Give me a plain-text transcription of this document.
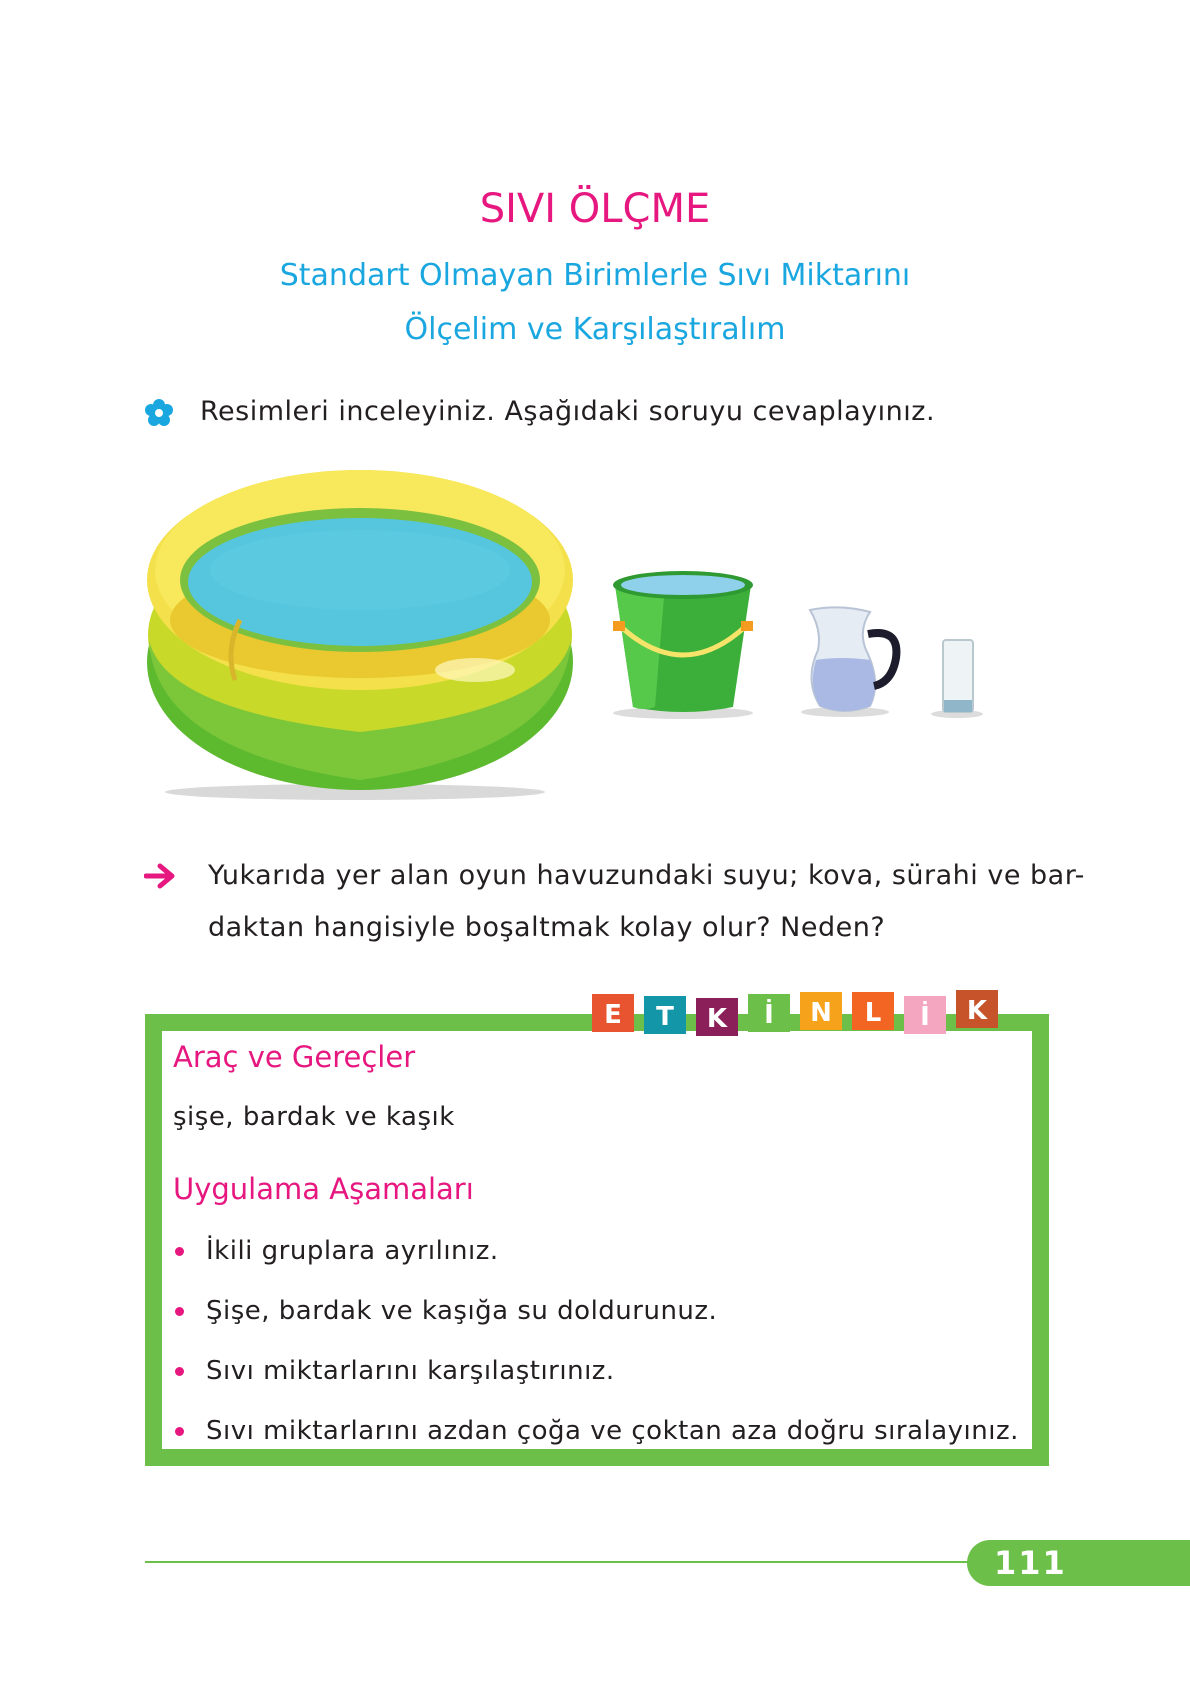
SIVI ÖLÇME
Standart Olmayan Birimlerle Sıvı Miktarını
Ölçelim ve Karşılaştıralım
Resimleri inceleyiniz. Aşağıdaki soruyu cevaplayınız.
Yukarıda yer alan oyun havuzundaki suyu; kova, sürahi ve bar-
daktan hangisiyle boşaltmak kolay olur? Neden?
E T K İ N L İ K
Araç ve Gereçler
şişe, bardak ve kaşık
Uygulama Aşamaları
İkili gruplara ayrılınız.
Şişe, bardak ve kaşığa su doldurunuz.
Sıvı miktarlarını karşılaştırınız.
Sıvı miktarlarını azdan çoğa ve çoktan aza doğru sıralayınız.
111
